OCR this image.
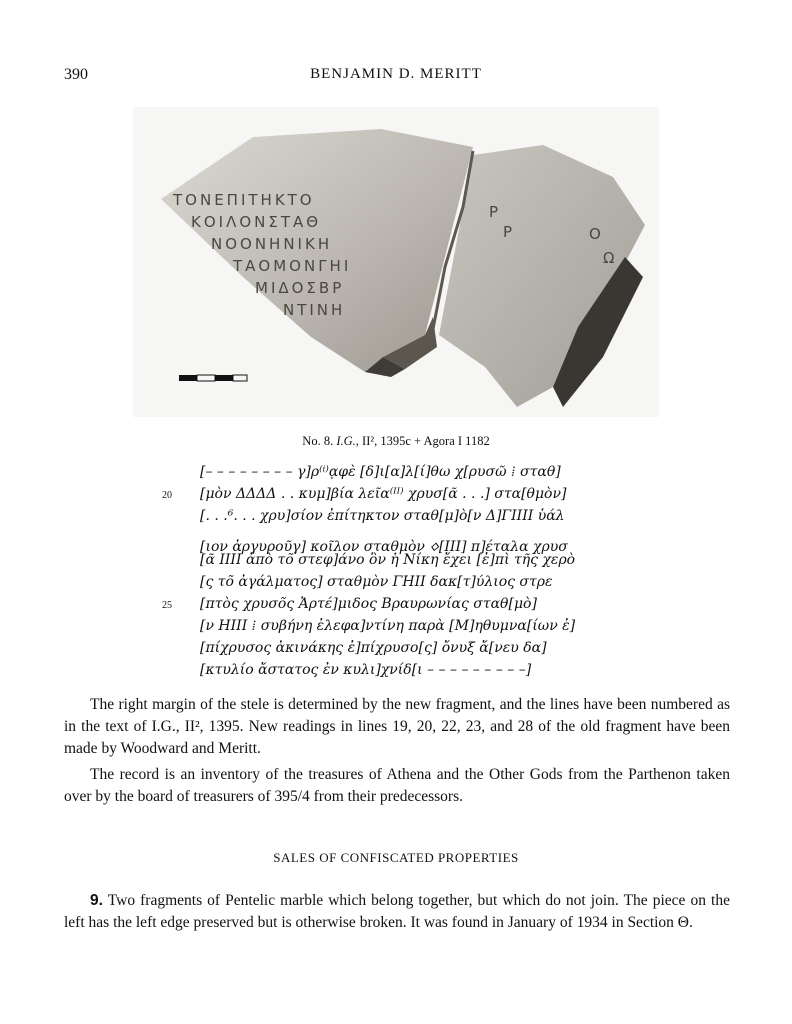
390	BENJAMIN D. MERITT
ΤΟΝΕΠΙΤΗΚΤΟ
ΚΟΙΛΟΝΣΤΑΘ
ΝΟΟΝΗΝΙΚΗ
ΤΑΟΜΟΝΓΗΙ
ΜΙΔΟΣΒΡ
ΝΤΙΝΗ
Ρ
Ρ	Ο
Ω
No. 8. I.G., II², 1395c + Agora I 1182
[– – – – – – – – γ]ρ⁽ⁱ⁾ᾳφὲ [δ]ι[α]λ[ί]θω χ[ρυσῶ ⁞ σταθ]
20 [μὸν ΔΔΔΔ . . κυμ]βία λεῖα⁽ᴵᴵ⁾ χρυσ[ᾶ . . .] στα[θμὸν]
[. . .⁶. . . χρυ]σίον ἐπίτηκτον σταθ[μ]ὸ[ν Δ]ΓΙΙΙΙ ὑάλ
[ιον ἀργυροῦγ] κοῖλον σταθμὸν 🝔[ΙΙΙ] π]έταλα χρυσ
[ᾶ ΙΙΙΙ ἀπὸ τõ στεφ]άνο ὃν ἡ Νίκη ἔχει [ἐ]πὶ τῆς χερὸ
[ς τõ ἀγάλματος] σταθμὸν ΓΗΙΙ δακ[τ]ύλιος στρε
25 [πτὸς χρυσõς Ἀρτέ]μιδος Βραυρωνίας σταθ[μὸ]
[ν ΗΙΙΙ ⁞ συβήνη ἐλεφα]ντίνη παρὰ [Μ]ηθυμνα[ίων ἐ]
[πίχρυσος ἀκινάκης ἐ]πίχρυσο[ς] ὄνυξ ἄ[νευ δα]
[κτυλίο ἄστατος ἐν κυλι]χνίδ[ι – – – – – – – – –]

The right margin of the stele is determined by the new fragment, and the lines have been numbered as in the text of I.G., II², 1395. New readings in lines 19, 20, 22, 23, and 28 of the old fragment have been made by Woodward and Meritt.

The record is an inventory of the treasures of Athena and the Other Gods from the Parthenon taken over by the board of treasurers of 395/4 from their predecessors.

SALES OF CONFISCATED PROPERTIES

9. Two fragments of Pentelic marble which belong together, but which do not join. The piece on the left has the left edge preserved but is otherwise broken. It was found in January of 1934 in Section Θ.
